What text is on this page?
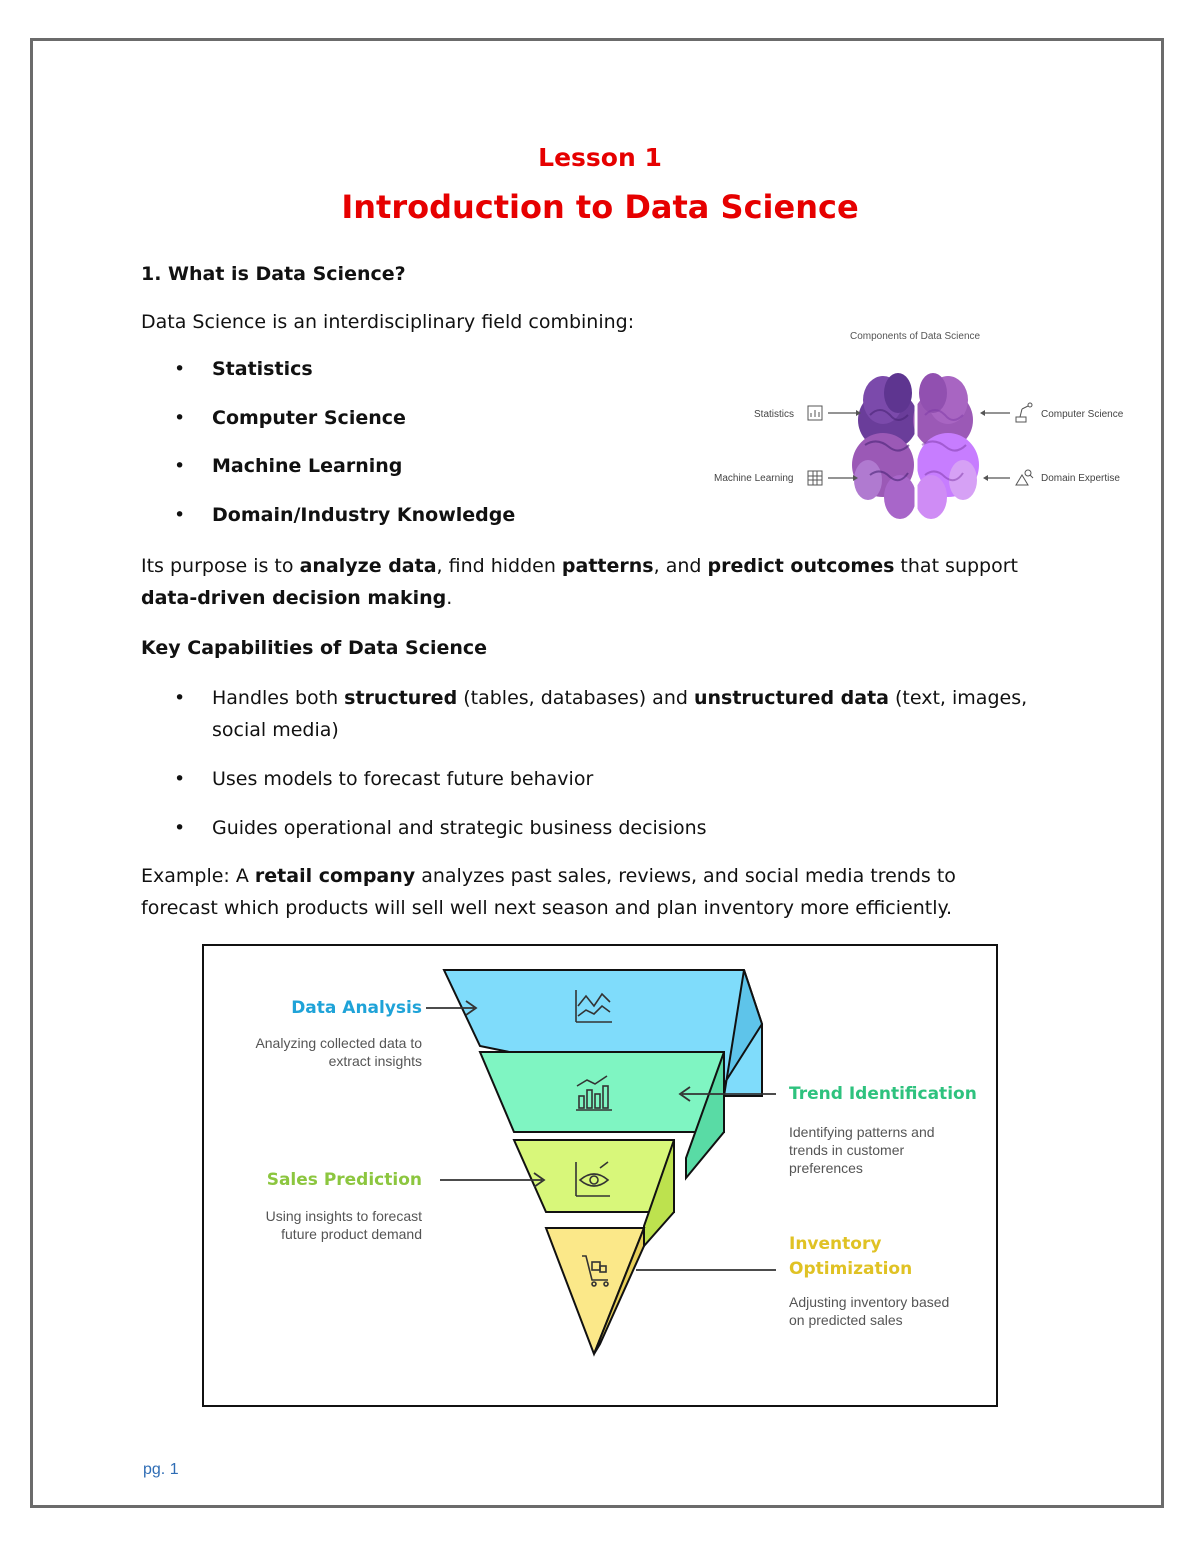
Lesson 1
Introduction to Data Science
1. What is Data Science?
Data Science is an interdisciplinary field combining:
• Statistics
• Computer Science
• Machine Learning
• Domain/Industry Knowledge
Components of Data Science
Statistics
Machine Learning
Computer Science
Domain Expertise
Its purpose is to analyze data, find hidden patterns, and predict outcomes that support data-driven decision making.
Key Capabilities of Data Science
• Handles both structured (tables, databases) and unstructured data (text, images, social media)
• Uses models to forecast future behavior
• Guides operational and strategic business decisions
Example: A retail company analyzes past sales, reviews, and social media trends to forecast which products will sell well next season and plan inventory more efficiently.
Data Analysis
Analyzing collected data to
extract insights
Trend Identification
Identifying patterns and
trends in customer
preferences
Sales Prediction
Using insights to forecast
future product demand	Inventory
Optimization
Adjusting inventory based
on predicted sales
pg. 1
